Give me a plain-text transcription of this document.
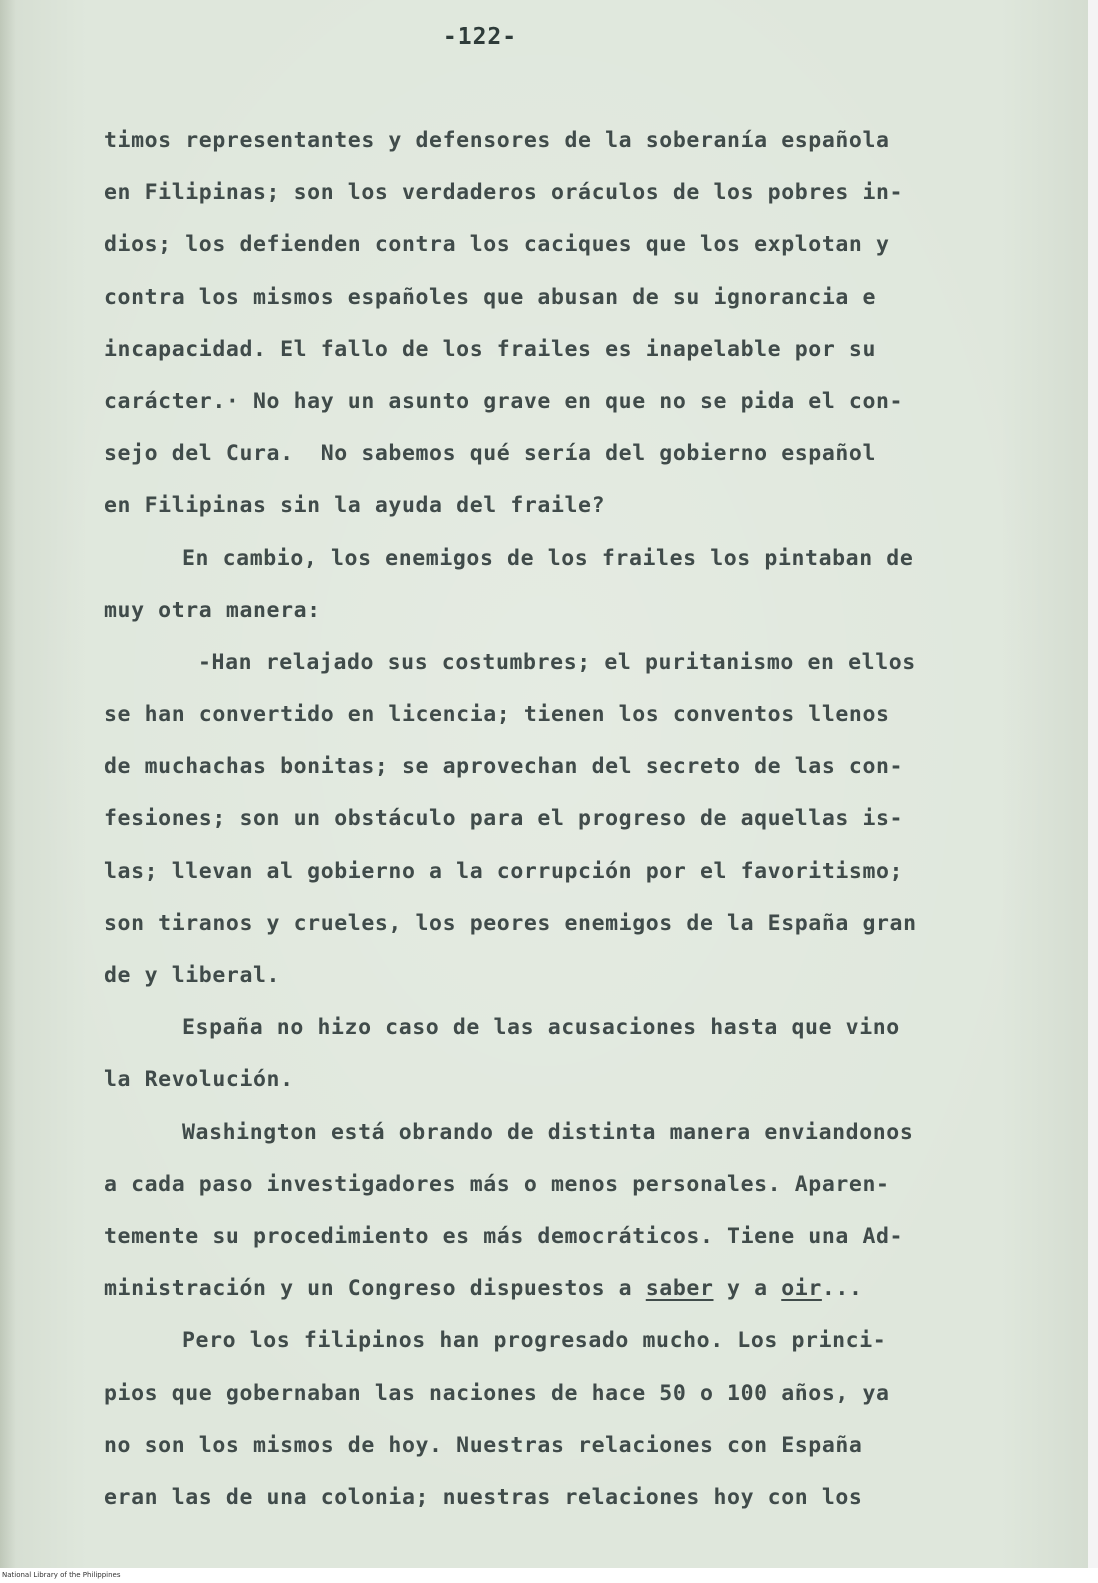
-122-
timos representantes y defensores de la soberanía española
en Filipinas; son los verdaderos oráculos de los pobres in-
dios; los defienden contra los caciques que los explotan y
contra los mismos españoles que abusan de su ignorancia e
incapacidad. El fallo de los frailes es inapelable por su
carácter.· No hay un asunto grave en que no se pida el con-
sejo del Cura.  No sabemos qué sería del gobierno español
en Filipinas sin la ayuda del fraile?
En cambio, los enemigos de los frailes los pintaban de
muy otra manera:
-Han relajado sus costumbres; el puritanismo en ellos
se han convertido en licencia; tienen los conventos llenos
de muchachas bonitas; se aprovechan del secreto de las con-
fesiones; son un obstáculo para el progreso de aquellas is-
las; llevan al gobierno a la corrupción por el favoritismo;
son tiranos y crueles, los peores enemigos de la España gran
de y liberal.
España no hizo caso de las acusaciones hasta que vino
la Revolución.
Washington está obrando de distinta manera enviandonos
a cada paso investigadores más o menos personales. Aparen-
temente su procedimiento es más democráticos. Tiene una Ad-
ministración y un Congreso dispuestos a saber y a oir...
Pero los filipinos han progresado mucho. Los princi-
pios que gobernaban las naciones de hace 50 o 100 años, ya
no son los mismos de hoy. Nuestras relaciones con España
eran las de una colonia; nuestras relaciones hoy con los
National Library of the Philippines
